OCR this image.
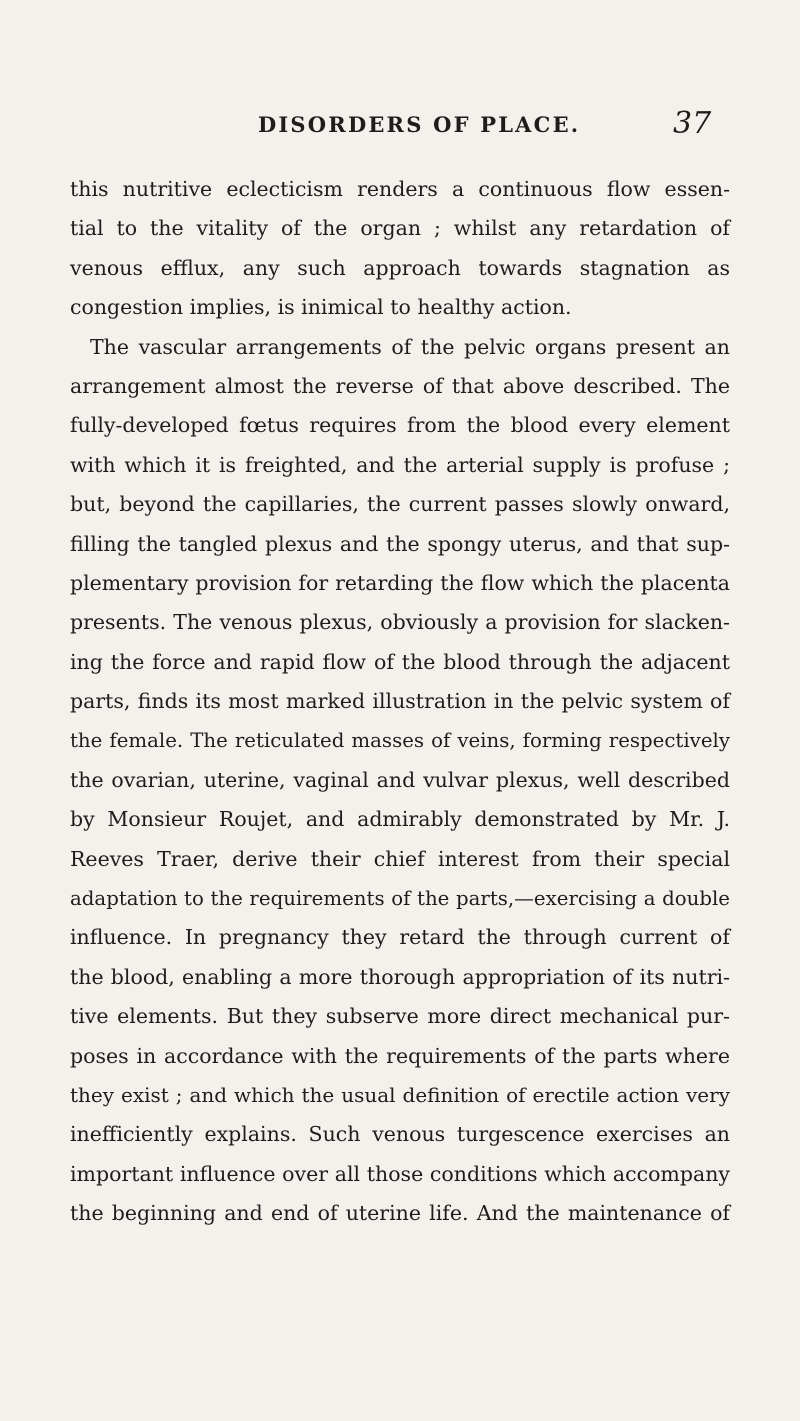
DISORDERS OF PLACE.	37
this nutritive eclecticism renders a continuous flow essen-
tial to the vitality of the organ ; whilst any retardation of
venous efflux, any such approach towards stagnation as
congestion implies, is inimical to healthy action.
The vascular arrangements of the pelvic organs present an
arrangement almost the reverse of that above described. The
fully-developed fœtus requires from the blood every element
with which it is freighted, and the arterial supply is profuse ;
but, beyond the capillaries, the current passes slowly onward,
filling the tangled plexus and the spongy uterus, and that sup-
plementary provision for retarding the flow which the placenta
presents. The venous plexus, obviously a provision for slacken-
ing the force and rapid flow of the blood through the adjacent
parts, finds its most marked illustration in the pelvic system of
the female. The reticulated masses of veins, forming respectively
the ovarian, uterine, vaginal and vulvar plexus, well described
by Monsieur Roujet, and admirably demonstrated by Mr. J.
Reeves Traer, derive their chief interest from their special
adaptation to the requirements of the parts,—exercising a double
influence. In pregnancy they retard the through current of
the blood, enabling a more thorough appropriation of its nutri-
tive elements. But they subserve more direct mechanical pur-
poses in accordance with the requirements of the parts where
they exist ; and which the usual definition of erectile action very
inefficiently explains. Such venous turgescence exercises an
important influence over all those conditions which accompany
the beginning and end of uterine life. And the maintenance of
